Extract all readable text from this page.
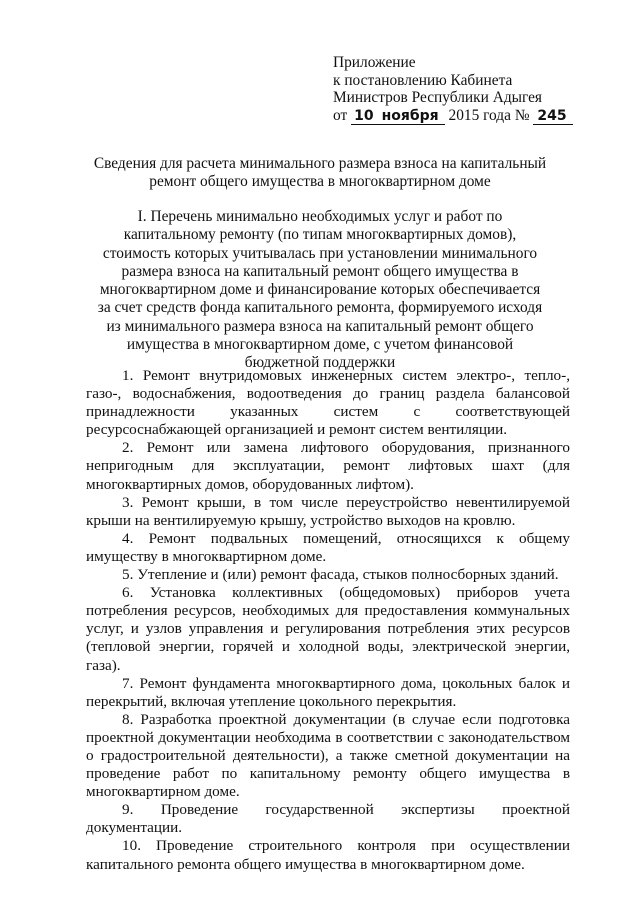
Приложение
к постановлению Кабинета
Министров Республики Адыгея
от 10 ноября 2015 года № 245
Сведения для расчета минимального размера взноса на капитальный
ремонт общего имущества в многоквартирном доме
I. Перечень минимально необходимых услуг и работ по капитальному ремонту (по типам многоквартирных домов), стоимость которых учитывалась при установлении минимального размера взноса на капитальный ремонт общего имущества в многоквартирном доме и финансирование которых обеспечивается за счет средств фонда капитального ремонта, формируемого исходя из минимального размера взноса на капитальный ремонт общего имущества в многоквартирном доме, с учетом финансовой бюджетной поддержки

1. Ремонт внутридомовых инженерных систем электро-, тепло-, газо-, водоснабжения, водоотведения до границ раздела балансовой принадлежности указанных систем с соответствующей ресурсоснабжающей организацией и ремонт систем вентиляции.

2. Ремонт или замена лифтового оборудования, признанного непригодным для эксплуатации, ремонт лифтовых шахт (для многоквартирных домов, оборудованных лифтом).

3. Ремонт крыши, в том числе переустройство невентилируемой крыши на вентилируемую крышу, устройство выходов на кровлю.

4. Ремонт подвальных помещений, относящихся к общему имуществу в многоквартирном доме.

5. Утепление и (или) ремонт фасада, стыков полносборных зданий.

6. Установка коллективных (общедомовых) приборов учета потребления ресурсов, необходимых для предоставления коммунальных услуг, и узлов управления и регулирования потребления этих ресурсов (тепловой энергии, горячей и холодной воды, электрической энергии, газа).

7. Ремонт фундамента многоквартирного дома, цокольных балок и перекрытий, включая утепление цокольного перекрытия.

8. Разработка проектной документации (в случае если подготовка проектной документации необходима в соответствии с законодательством о градостроительной деятельности), а также сметной документации на проведение работ по капитальному ремонту общего имущества в многоквартирном доме.

9. Проведение государственной экспертизы проектной документации.

10. Проведение строительного контроля при осуществлении капитального ремонта общего имущества в многоквартирном доме.
